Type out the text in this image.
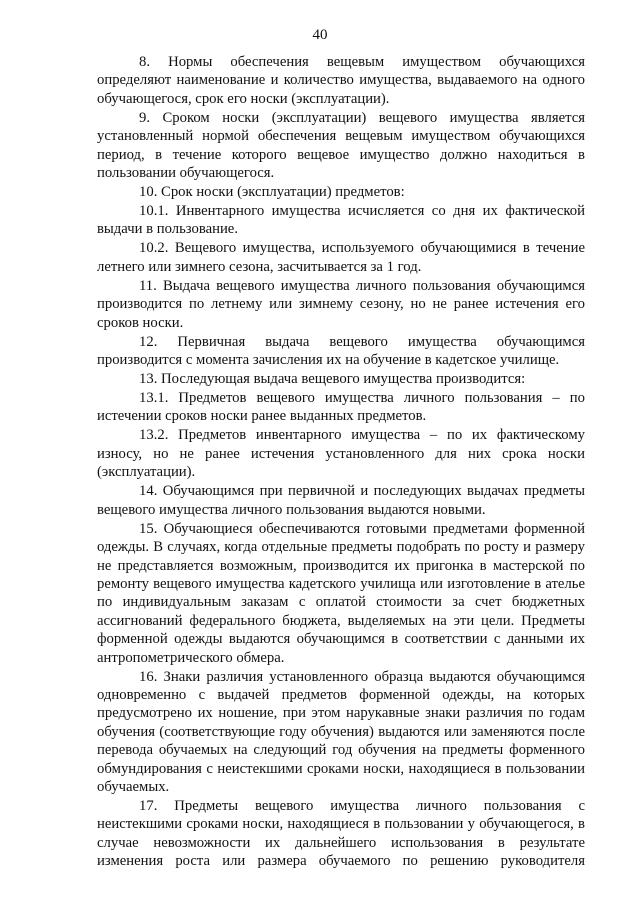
40

8. Нормы обеспечения вещевым имуществом обучающихся определяют наименование и количество имущества, выдаваемого на одного обучающегося, срок его носки (эксплуатации).

9. Сроком носки (эксплуатации) вещевого имущества является установленный нормой обеспечения вещевым имуществом обучающихся период, в течение которого вещевое имущество должно находиться в пользовании обучающегося.

10. Срок носки (эксплуатации) предметов:

10.1. Инвентарного имущества исчисляется со дня их фактической выдачи в пользование.

10.2. Вещевого имущества, используемого обучающимися в течение летнего или зимнего сезона, засчитывается за 1 год.

11. Выдача вещевого имущества личного пользования обучающимся производится по летнему или зимнему сезону, но не ранее истечения его сроков носки.

12. Первичная выдача вещевого имущества обучающимся производится с момента зачисления их на обучение в кадетское училище.

13. Последующая выдача вещевого имущества производится:

13.1. Предметов вещевого имущества личного пользования – по истечении сроков носки ранее выданных предметов.

13.2. Предметов инвентарного имущества – по их фактическому износу, но не ранее истечения установленного для них срока носки (эксплуатации).

14. Обучающимся при первичной и последующих выдачах предметы вещевого имущества личного пользования выдаются новыми.

15. Обучающиеся обеспечиваются готовыми предметами форменной одежды. В случаях, когда отдельные предметы подобрать по росту и размеру не представляется возможным, производится их пригонка в мастерской по ремонту вещевого имущества кадетского училища или изготовление в ателье по индивидуальным заказам с оплатой стоимости за счет бюджетных ассигнований федерального бюджета, выделяемых на эти цели. Предметы форменной одежды выдаются обучающимся в соответствии с данными их антропометрического обмера.

16. Знаки различия установленного образца выдаются обучающимся одновременно с выдачей предметов форменной одежды, на которых предусмотрено их ношение, при этом нарукавные знаки различия по годам обучения (соответствующие году обучения) выдаются или заменяются после перевода обучаемых на следующий год обучения на предметы форменного обмундирования с неистекшими сроками носки, находящиеся в пользовании обучаемых.

17. Предметы вещевого имущества личного пользования с неистекшими сроками носки, находящиеся в пользовании у обучающегося, в случае невозможности их дальнейшего использования в результате изменения роста или размера обучаемого по решению руководителя
